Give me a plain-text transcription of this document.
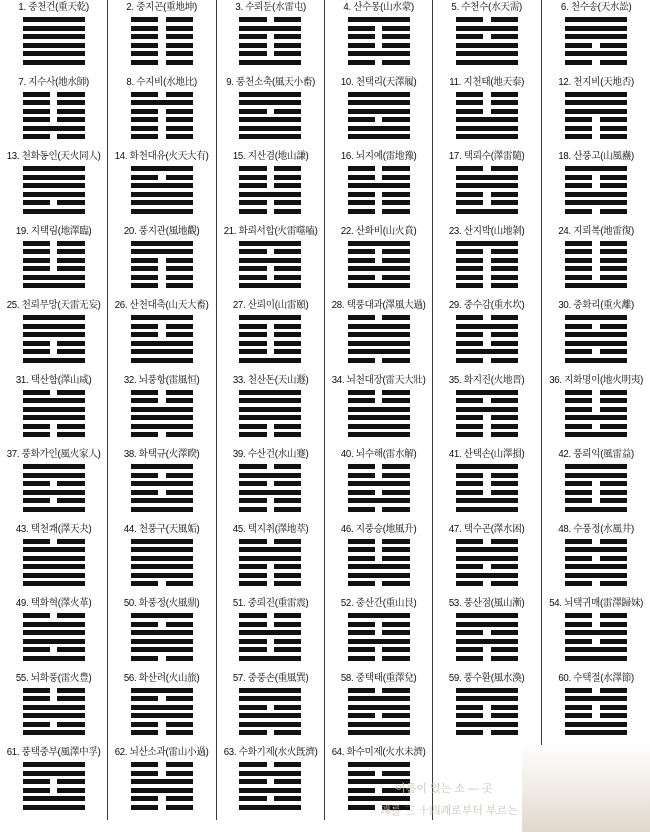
1. 중천건(重天乾)	2. 중지곤(重地坤)	3. 수뢰둔(水雷屯)	4. 산수몽(山水蒙)	5. 수천수(水天需)	6. 천수송(天水訟)
7. 지수사(地水師)	8. 수지비(水地比)	9. 풍천소축(風天小畜)	10. 천택리(天澤履)	11. 지천태(地天泰)	12. 천지비(天地否)
13. 천화동인(天火同人) 14. 화천대유(火天大有)	15. 지산겸(地山謙)	16. 뇌지예(雷地豫)	17. 택뢰수(澤雷隨)	18. 산풍고(山風蠱)
19. 지택림(地澤臨)	20. 풍지관(風地觀)	21. 화뢰서합(火雷噬嗑)	22. 산화비(山火賁)	23. 산지박(山地剝)	24. 지뢰복(地雷復)
25. 천뢰무망(天雷无妄) 26. 산천대축(山天大畜)	27. 산뢰이(山雷頤)	28. 택풍대과(澤風大過)	29. 중수감(重水坎)	30. 중화리(重火離)
31. 택산함(澤山咸)	32. 뇌풍항(雷風恒)	33. 천산돈(天山遯)	34. 뇌천대장(雷天大壯)	35. 화지진(火地晋)	36. 지화명이(地火明夷)
37. 풍화가인(風火家人)	38. 화택규(火澤睽)	39. 수산건(水山蹇)	40. 뇌수해(雷水解)	41. 산택손(山澤損)	42. 풍뢰익(風雷益)
43. 택천쾌(澤天夬)	44. 천풍구(天風姤)	45. 택지취(澤地萃)	46. 지풍승(地風升)	47. 택수곤(澤水困)	48. 수풍정(水風井)
49. 택화혁(澤火革)	50. 화풍정(火風鼎)	51. 중뢰진(重雷震)	52. 중산간(重山艮)	53. 풍산점(風山漸)	54. 뇌택귀매(雷澤歸妹)
55. 뇌화풍(雷火豊)	56. 화산려(火山旅)	57. 중풍손(重風巽)	58. 중택태(重澤兌)	59. 풍수환(風水渙)	60. 수택절(水澤節)
61. 풍택중부(風澤中孚) 62. 뇌산소과(雷山小過) 63. 수화기제(水火旣濟) 64. 화수미제(火水未濟)
이름이 있는 소 — 곳
괘를 三 十四괘로부터 부르는
